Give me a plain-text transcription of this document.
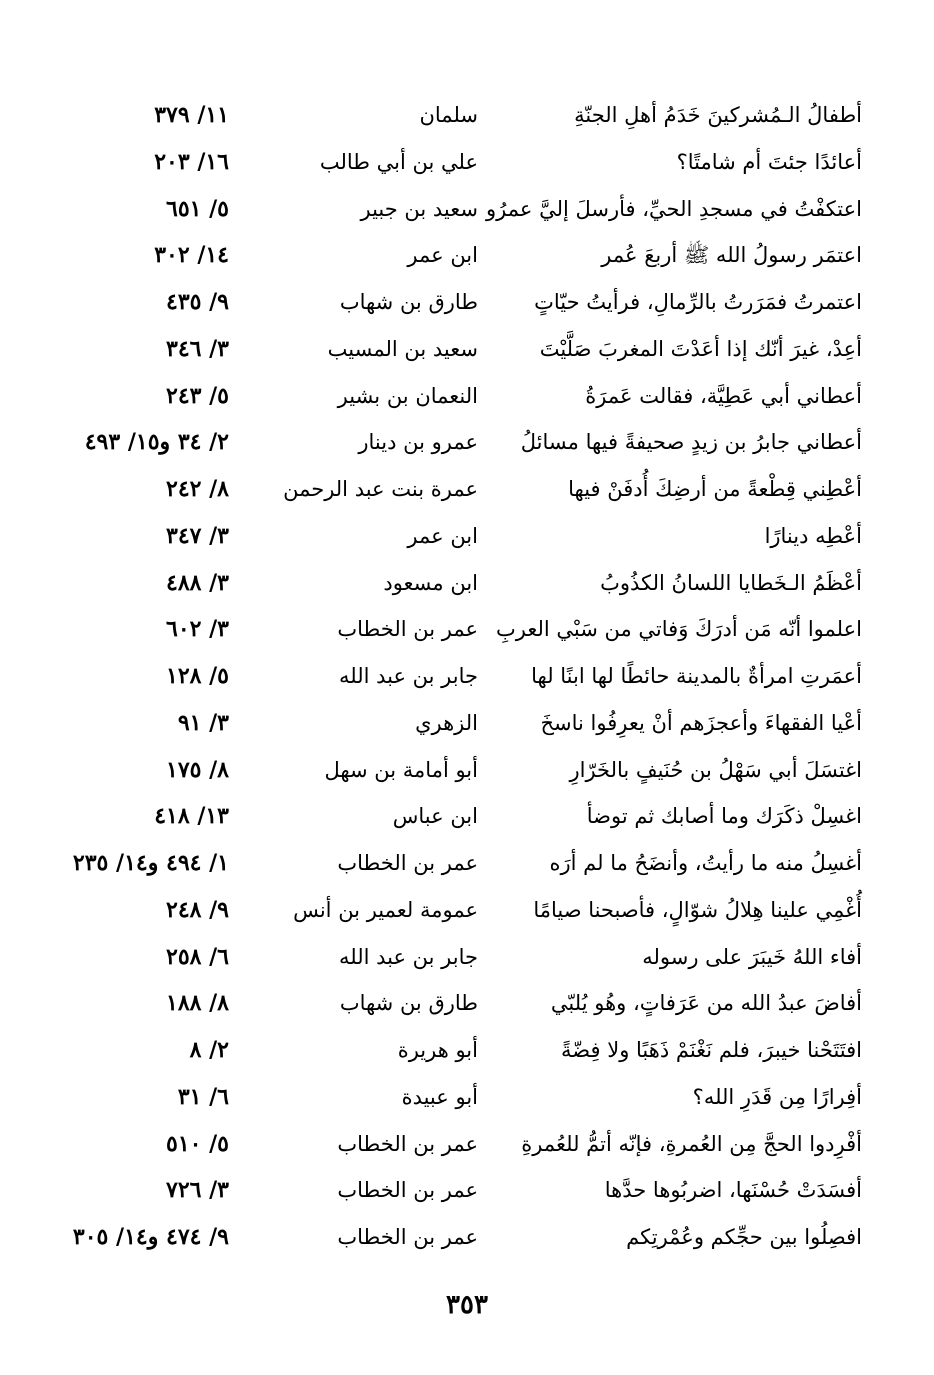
أطفالُ الـمُشركينَ خَدَمُ أهلِ الجنّةِ
سلمان
١١/ ٣٧٩
أعائدًا جئتَ أم شامتًا؟
علي بن أبي طالب
١٦/ ٢٠٣
اعتكفْتُ في مسجدِ الحيِّ، فأرسلَ إليَّ عمرُو
سعيد بن جبير
٥/ ٦٥١
اعتمَر رسولُ الله ﷺ أربعَ عُمر
ابن عمر
١٤/ ٣٠٢
اعتمرتُ فمَرَرتُ بالرِّمالِ، فرأيتُ حيّاتٍ
طارق بن شهاب
٩/ ٤٣٥
أعِدْ، غيرَ أنّك إذا أعَدْتَ المغربَ صَلَّيْتَ
سعيد بن المسيب
٣/ ٣٤٦
أعطاني أبي عَطِيَّة، فقالت عَمرَةُ
النعمان بن بشير
٥/ ٢٤٣
أعطاني جابرُ بن زيدٍ صحيفةً فيها مسائلُ
عمرو بن دينار
٢/ ٣٤ و١٥/ ٤٩٣
أعْطِني قِطْعةً من أرضِكَ أُدفَنْ فيها
عمرة بنت عبد الرحمن
٨/ ٢٤٢
أعْطِه دينارًا
ابن عمر
٣/ ٣٤٧
أعْظَمُ الـخَطايا اللسانُ الكذُوبُ
ابن مسعود
٣/ ٤٨٨
اعلموا أنّه مَن أدرَكَ وَفاتي من سَبْي العربِ
عمر بن الخطاب
٣/ ٦٠٢
أعمَرتِ امرأةٌ بالمدينة حائطًا لها ابنًا لها
جابر بن عبد الله
٥/ ١٢٨
أعْيا الفقهاءَ وأعجزَهم أنْ يعرِفُوا ناسخَ
الزهري
٣/ ٩١
اغتسَلَ أبي سَهْلُ بن حُنَيفٍ بالخَرّارِ
أبو أمامة بن سهل
٨/ ١٧٥
اغسِلْ ذكَرَك وما أصابك ثم توضأ
ابن عباس
١٣/ ٤١٨
أغسِلُ منه ما رأيتُ، وأنضَحُ ما لم أرَه
عمر بن الخطاب
١/ ٤٩٤ و١٤/ ٢٣٥
أُغْمِي علينا هِلالُ شوّالٍ، فأصبحنا صيامًا
عمومة لعمير بن أنس
٩/ ٢٤٨
أفاء اللهُ خَيبَرَ على رسوله
جابر بن عبد الله
٦/ ٢٥٨
أفاضَ عبدُ الله من عَرَفاتٍ، وهُو يُلبّي
طارق بن شهاب
٨/ ١٨٨
افتَتَحْنا خيبرَ، فلم نَغْنَمْ ذَهَبًا ولا فِضّةً
أبو هريرة
٢/ ٨
أفِرارًا مِن قَدَرِ الله؟
أبو عبيدة
٦/ ٣١
أفْرِدوا الحجَّ مِن العُمرةِ، فإنّه أتمُّ للعُمرةِ
عمر بن الخطاب
٥/ ٥١٠
أفسَدَتْ حُسْنَها، اضربُوها حدَّها
عمر بن الخطاب
٣/ ٧٢٦
افصِلُوا بين حجِّكم وعُمْرتِكم
عمر بن الخطاب
٩/ ٤٧٤ و١٤/ ٣٠٥
٣٥٣
